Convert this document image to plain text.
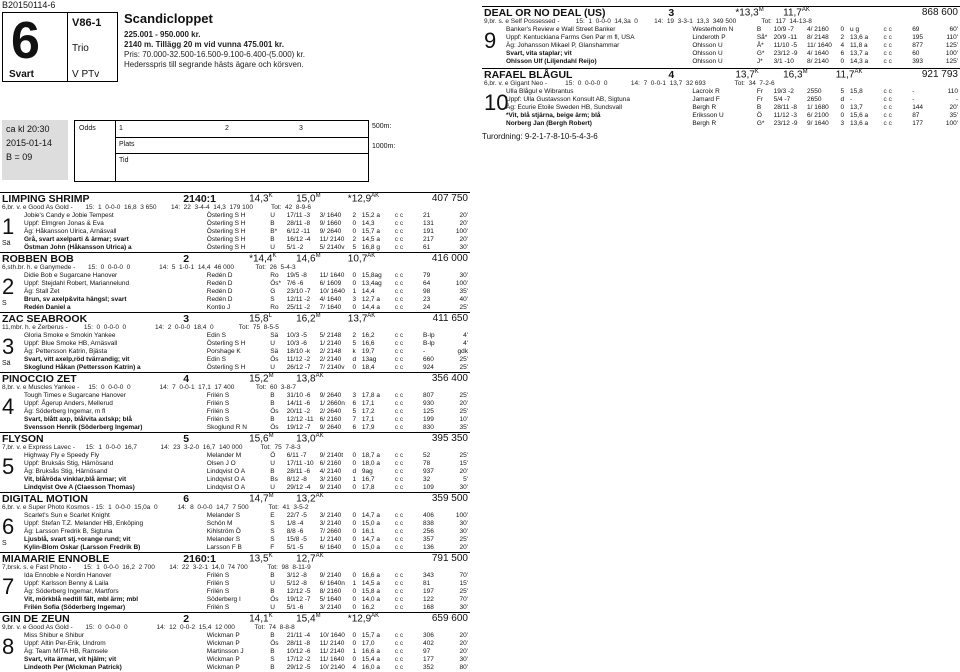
B20150114-6
6
Svart
V86-1
Trio
V PTv
Scandicloppet
225.001 - 950.000 kr.
2140 m. Tillägg 20 m vid vunna 475.001 kr.
Pris: 70.000-32.500-16.500-9.100-6.400-(5.000) kr.
Hedersspris till segrande hästs ägare och körsven.
ca kl 20:30
2015-01-14
B = 09
Odds	1	2	3
Plats
Tid
500m:
1000m:
LIMPING SHRIMP	2140:1	$14,3^K$ $15,0^M$	$*12,9^{AK}$	407 750
6,br. v. e Good As Gold -       15:  1  0-0-0  16,8  3 650        14:  22  3-4-4  14,3  179 100          Tot:  42  8-9-6
1
Sä
Jobie's Candy e Jobie Tempest	Österling S H	U 17/11 -3 3/ 1640 2 15,2 a c c	21	20'
Uppf: Elmgren Jonas & Eva	Österling S H	B 28/11 -8 9/ 1660 0 14,3	c c	131	20'
Äg: Håkansson Ulrica, Arnäsvall	Österling S H	B* 6/12 -11 9/ 2640 0 15,7 a c c	191	100'
Grå, svart axelparti & ärmar; svart	Österling S H	B 16/12 -4 11/ 2140 2 14,5 a c c	217	20'
Östman John (Håkansson Ulrica) a	Österling S H	U 5/1 -2	5/ 2140v 5 16,8 g c c	61	30'
ROBBEN BOB	2	$*14,4^K$ $14,6^M$	$10,7^{AK}$	416 000
6,sth.br. h. e Ganymede -       15:  0  0-0-0  0                14:  5  1-0-1  14,4  46 000            Tot:  26  5-4-3
2
S
Didie Bob e Sugarcane Hanover	Redén D	Ro 19/5 -8 11/ 1640 0 15,8ag c c	79	30'
Uppf: Stejdahl Robert, Mariannelund	Redén D	Ös* 7/6 -6	6/ 1609 0 13,4ag c c	64	100'
Äg: Stall Zet	Redén D	G 23/10 -7 10/ 1640 1 14,4	c c	98	35'
Brun, sv axelp&vita hängsl; svart	Redén D	S 12/11 -2 4/ 1640 3 12,7 a c c	23	40'
Redén Daniel a	Kontio J	Ro 25/11 -2 7/ 1640 0 14,4 a c c	24	25'
ZAC SEABROOK	3	$15,8^L$ $16,2^M$	$13,7^{AK}$	411 650
11,mbr. h. e Zerberus -         15:  0  0-0-0  0                14:  2  0-0-0  18,4  0              Tot:  75  8-5-5
3
Sä
Gloria Smoke e Smokin Yankee	Edin S	Sä 10/3 -5 5/ 2148 2 16,2	c c	B-lp	4'
Uppf: Blue Smoke HB, Arnäsvall	Österling S H	U 10/3 -6 1/ 2140 5 16,6	c c	B-lp	4'
Äg: Pettersson Katrin, Bjästa	Porshage K	Sä 18/10 -k 2/ 2148 k 19,7	c c	-	gdk
Svart, vitt axelp,röd tvärrandig; vit	Edin S	Ös 11/12 -2 2/ 2140 d 13ag	c c	660	25'
Skoglund Håkan (Pettersson Katrin) a	Österling S H	U 26/12 -7 7/ 2140v 0 18,4	c c	924	25'
PINOCCIO ZET	4	$15,2^M$ $13,8^{AK}$	356 400
8,br. v. e Muscles Yankee -     15:  0  0-0-0  0                14:  7  0-0-1  17,1  17 400            Tot:  60  3-8-7
4 Tough Times e Sugarcane Hanover	Frilén S	B 31/10 -6 9/ 2640 3 17,8 a c c	807	25'
Uppf: Ågerup Anders, Mellerud	Frilén S	B 14/11 -6 1/ 2660n 6 17,1	c c	930	20'
Äg: Söderberg Ingemar, m fl	Frilén S	Ös 20/11 -2 2/ 2640 5 17,2	c c	125	25'
Svart, blått axp, blå/vita axlskp; blå	Frilén S	B 12/12 -11 6/ 2160 7 17,1	c c	199	10'
Svensson Henrik (Söderberg Ingemar)	Skoglund R N	Ös 19/12 -7 9/ 2640 6 17,9	c c	830	35'
FLYSON	5	$15,6^M$ $13,0^{AK}$	395 350
7,br. v. e Express Lavec -      15:  1  0-0-0  16,7             14:  23  3-2-0  16,7  140 000          Tot:  75  7-8-3
5 Highway Fly e Speedy Fly	Melander M	Ö 6/11 -7 9/ 2140t 0 18,7 a c c	52	25'
Uppf: Bruksäs Stig, Härnösand	Olsen J O	U 17/11 -10 6/ 2160 0 18,0 a c c	78	15'
Äg: Bruksås Stig, Härnösand	Lindqvist O A	B 28/11 -6 4/ 2140 d 9ag	c c	937	20'
Vit, blå/röda vinklar,blå ärmar; vit	Lindqvist O A	Bs 8/12 -8 3/ 2160 1 16,7	c c	32	5'
Lindqvist Ove A (Claesson Thomas)	Lindqvist O A	U 29/12 -4 9/ 2140 0 17,8	c c	109	30'
DIGITAL MOTION	6	$14,7^M$ $13,2^{AK}$	359 500
6,br. v. e Super Photo Kosmos - 15:  1  0-0-0  15,0a  0           14:  8  0-0-0  14,7  7 500           Tot:  41  3-5-2
6
S
Scarlet's Sun e Scarlet Knight	Melander S	E 22/7 -5 3/ 2140 0 14,7 a c c	406	100'
Uppf: Stefan T.Z. Melander HB, Enköping	Schön M	S 1/8 -4	3/ 2140 0 15,0 a c c	838	30'
Äg: Larsson Fredrik B, Sigtuna	Kihlström Ö	S 8/8 -6	7/ 2660 0 16,1	c c	256	30'
Ljusblå, svart stj.+orange rund; vit	Melander S	S 15/8 -5 1/ 2140 0 14,7 a c c	357	25'
Kylin-Blom Oskar (Larsson Fredrik B)	Larsson F B	F 5/1 -5	6/ 1640 0 15,0 a c c	136	20'
MIAMARIE ENNOBLE	2160:1	$13,5^K$ $12,7^{AK}$	791 500
7,brsk. s. e Fast Photo -       15:  1  0-0-0  16,2  2 700        14:  22  3-2-1  14,0  74 700           Tot:  98  8-11-9
7 Ida Ennoble e Nordin Hanover	Frilén S	B 3/12 -8 9/ 2140 0 16,6 a c c	343	70'
Uppf: Karlsson Benny & Laila	Frilén S	U 5/12 -8 6/ 1640n 1 14,5 a c c	81	15'
Äg: Söderberg Ingemar, Martfors	Frilén S	B 12/12 -5 8/ 2160 0 15,8 a c c	197	25'
Vit, mörkblå nedtill fält, mbl ärm; mbl	Söderberg I	Ös 19/12 -7 5/ 1640 0 14,0 a c c	122	70'
Frilén Sofia (Söderberg Ingemar)	Frilén S	U 5/1 -6	3/ 2140 0 16,2	c c	168	30'
GIN DE ZEUN	2	$14,1^K$ $15,4^M$	$*12,9^{AK}$	659 600
9,br. v. e Good As Gold -       15:  0  0-0-0  0                14:  12  0-0-2  15,4  12 000           Tot:  74  8-8-8
8 Miss Shibur e Shibur	Wickman P	B 21/11 -4 10/ 1640 0 15,7 a c c	306	20'
Uppf: Altin Per-Erik, Undrom	Wickman P	Ös 28/11 -8 11/ 2140 0 17,0	c c	402	20'
Äg: Team MITA HB, Ramsele	Martinsson J	B 10/12 -6 11/ 2140 1 16,6 a c c	97	20'
Svart, vita ärmar, vit hjälm; vit	Wickman P	S 17/12 -2 11/ 1640 0 15,4 a c c	177	30'
Lindeoth Per (Wickman Patrick)	Wickman P	B 29/12 -5 10/ 2140 4 16,0 a c c	352	80'
DEAL OR NO DEAL (US)	3	$*13,3^M$ $11,7^{AK}$	868 600
9,br. s. e Self Possessed -         15:  1  0-0-0  14,3a  0         14:  19  3-3-1  13,3  349 500              Tot:  117  14-13-8
9 Banker's Review e Wall Street Banker	Westerholm N	B 10/9 -7 4/ 2160 0 u g	c c	69	60'
Uppf: Kentuckiana Farms Gen Par m fl, USA	Linderoth P	Så* 20/9 -11 8/ 2148 2 13,6 a c c	195	110'
Äg: Johansson Mikael P, Glanshammar	Ohlsson U	Å* 11/10 -5 11/ 1640 4 11,8 a c c	877	125'
Svart, vita staplar; vit	Ohlsson U	G* 23/12 -9 4/ 1640 6 13,7 a c c	60	100'
Ohlsson Ulf (Liljendahl Reijo)	Ohlsson U	J* 3/1 -10 8/ 2140 0 14,3 a c c	393	125'
RAFAEL BLÅGUL	4	$13,7^K$ $16,3^M$	$11,7^{AK}$	921 793
6,br. v. e Gigant Neo -          15:  0  0-0-0  0             14:  7  0-0-1  13,7  32 693                Tot:  34  7-2-6
10
Ulla Blågul e Wibrantus	Lacroix R	Fr 19/3 -2 2550	5 15,8	c c	-	110
Uppf: Ulla Gustavsson Konsult AB, Sigtuna	Jamard F	Fr 5/4 -7	2650	d -	c c	-	-
Äg: Ecurie Etoile Sweden HB, Sundsvall	Bergh R	B 28/11 -8 1/ 1680 0 13,7	c c	144	20'
*Vit, blå stjärna, beige ärm; blå	Eriksson U	Ö 11/12 -3 6/ 2100 0 15,6 a c c	87	35'
Norberg Jan (Bergh Robert)	Bergh R	G* 23/12 -9 9/ 1640 3 13,6 a c c	177	100'
Turordning: 9-2-1-7-8-10-5-4-3-6
